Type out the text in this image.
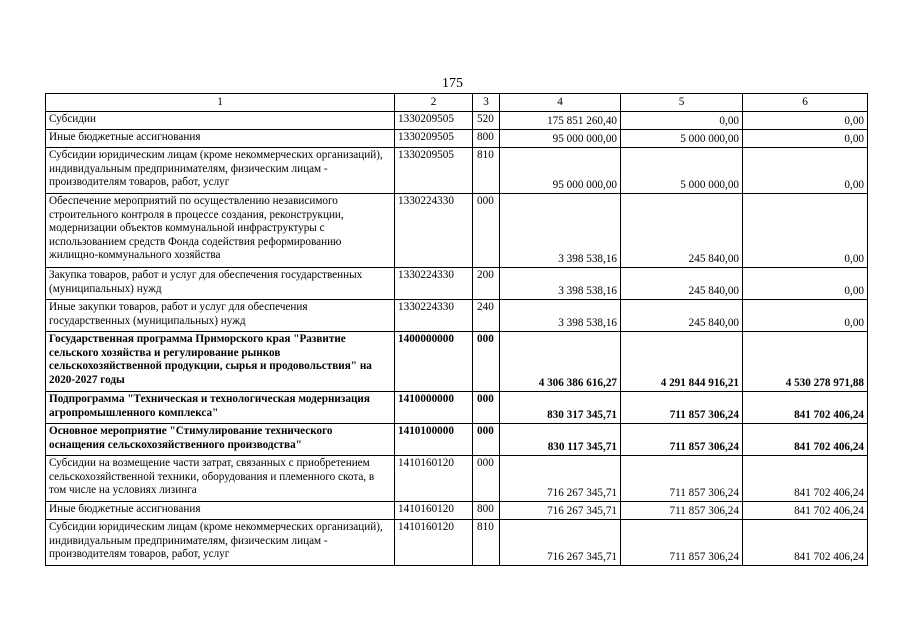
175
1	2	3	4	5	6
Субсидии	1330209505	520	175 851 260,40	0,00	0,00
Иные бюджетные ассигнования	1330209505	800	95 000 000,00	5 000 000,00	0,00
Субсидии юридическим лицам (кроме некоммерческих организаций), индивидуальным предпринимателям, физическим лицам - производителям товаров, работ, услуг	1330209505	810	95 000 000,00	5 000 000,00	0,00
Обеспечение мероприятий по осуществлению независимого строительного контроля в процессе создания, реконструкции, модернизации объектов коммунальной инфраструктуры с использованием средств Фонда содействия реформированию жилищно-коммунального хозяйства	1330224330	000	3 398 538,16	245 840,00	0,00
Закупка товаров, работ и услуг для обеспечения государственных (муниципальных) нужд	1330224330	200	3 398 538,16	245 840,00	0,00
Иные закупки товаров, работ и услуг для обеспечения государственных (муниципальных) нужд	1330224330	240	3 398 538,16	245 840,00	0,00
Государственная программа Приморского края "Развитие сельского хозяйства и регулирование рынков сельскохозяйственной продукции, сырья и продовольствия" на 2020-2027 годы	1400000000	000	4 306 386 616,27	4 291 844 916,21	4 530 278 971,88
Подпрограмма "Техническая и технологическая модернизация агропромышленного комплекса"	1410000000	000	830 317 345,71	711 857 306,24	841 702 406,24
Основное мероприятие "Стимулирование технического оснащения сельскохозяйственного производства"	1410100000	000	830 117 345,71	711 857 306,24	841 702 406,24
Субсидии на возмещение части затрат, связанных с приобретением сельскохозяйственной техники, оборудования и племенного скота, в том числе на условиях лизинга	1410160120	000	716 267 345,71	711 857 306,24	841 702 406,24
Иные бюджетные ассигнования	1410160120	800	716 267 345,71	711 857 306,24	841 702 406,24
Субсидии юридическим лицам (кроме некоммерческих организаций), индивидуальным предпринимателям, физическим лицам - производителям товаров, работ, услуг	1410160120	810	716 267 345,71	711 857 306,24	841 702 406,24
